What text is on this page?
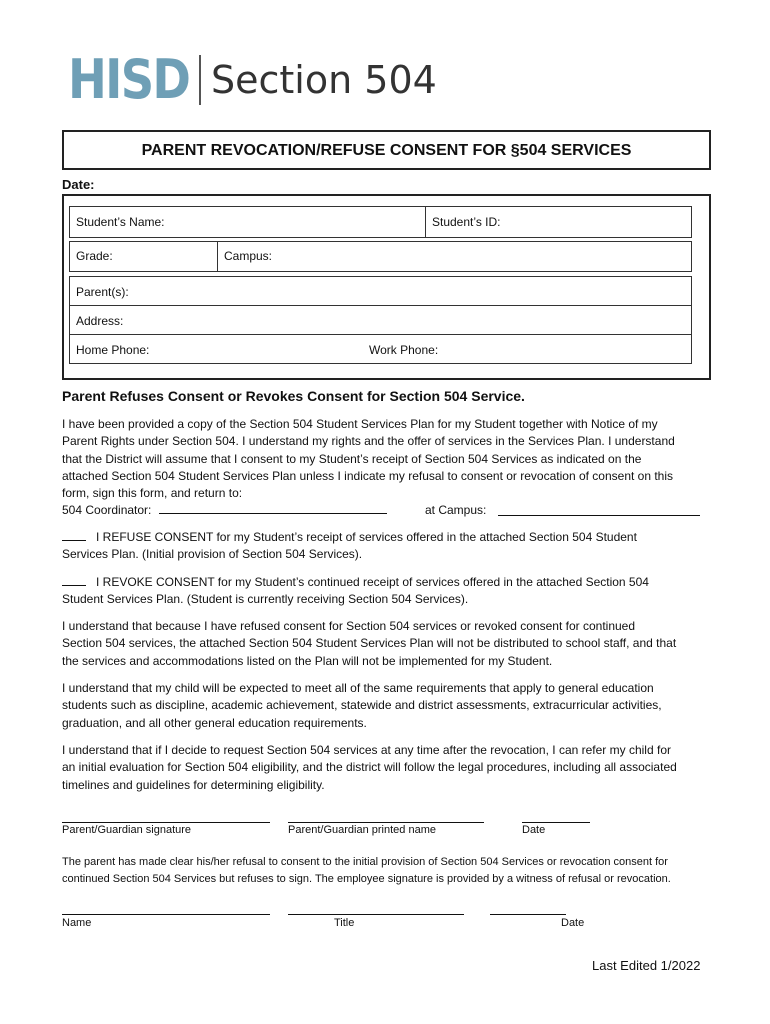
HISD Section 504
PARENT REVOCATION/REFUSE CONSENT FOR §504 SERVICES
Date:
Student’s Name:	Student’s ID:
Grade:	Campus:
Parent(s):
Address:
Home Phone:	Work Phone:
Parent Refuses Consent or Revokes Consent for Section 504 Service.
I have been provided a copy of the Section 504 Student Services Plan for my Student together with Notice of my
Parent Rights under Section 504. I understand my rights and the offer of services in the Services Plan. I understand
that the District will assume that I consent to my Student’s receipt of Section 504 Services as indicated on the
attached Section 504 Student Services Plan unless I indicate my refusal to consent or revocation of consent on this
form, sign this form, and return to:
504 Coordinator:	at Campus:
I REFUSE CONSENT for my Student’s receipt of services offered in the attached Section 504 Student
Services Plan. (Initial provision of Section 504 Services).
I REVOKE CONSENT for my Student’s continued receipt of services offered in the attached Section 504
Student Services Plan. (Student is currently receiving Section 504 Services).
I understand that because I have refused consent for Section 504 services or revoked consent for continued
Section 504 services, the attached Section 504 Student Services Plan will not be distributed to school staff, and that
the services and accommodations listed on the Plan will not be implemented for my Student.
I understand that my child will be expected to meet all of the same requirements that apply to general education
students such as discipline, academic achievement, statewide and district assessments, extracurricular activities,
graduation, and all other general education requirements.
I understand that if I decide to request Section 504 services at any time after the revocation, I can refer my child for
an initial evaluation for Section 504 eligibility, and the district will follow the legal procedures, including all associated
timelines and guidelines for determining eligibility.
Parent/Guardian signature	Parent/Guardian printed name	Date
The parent has made clear his/her refusal to consent to the initial provision of Section 504 Services or revocation consent for
continued Section 504 Services but refuses to sign. The employee signature is provided by a witness of refusal or revocation.
Name	Title	Date
Last Edited 1/2022
